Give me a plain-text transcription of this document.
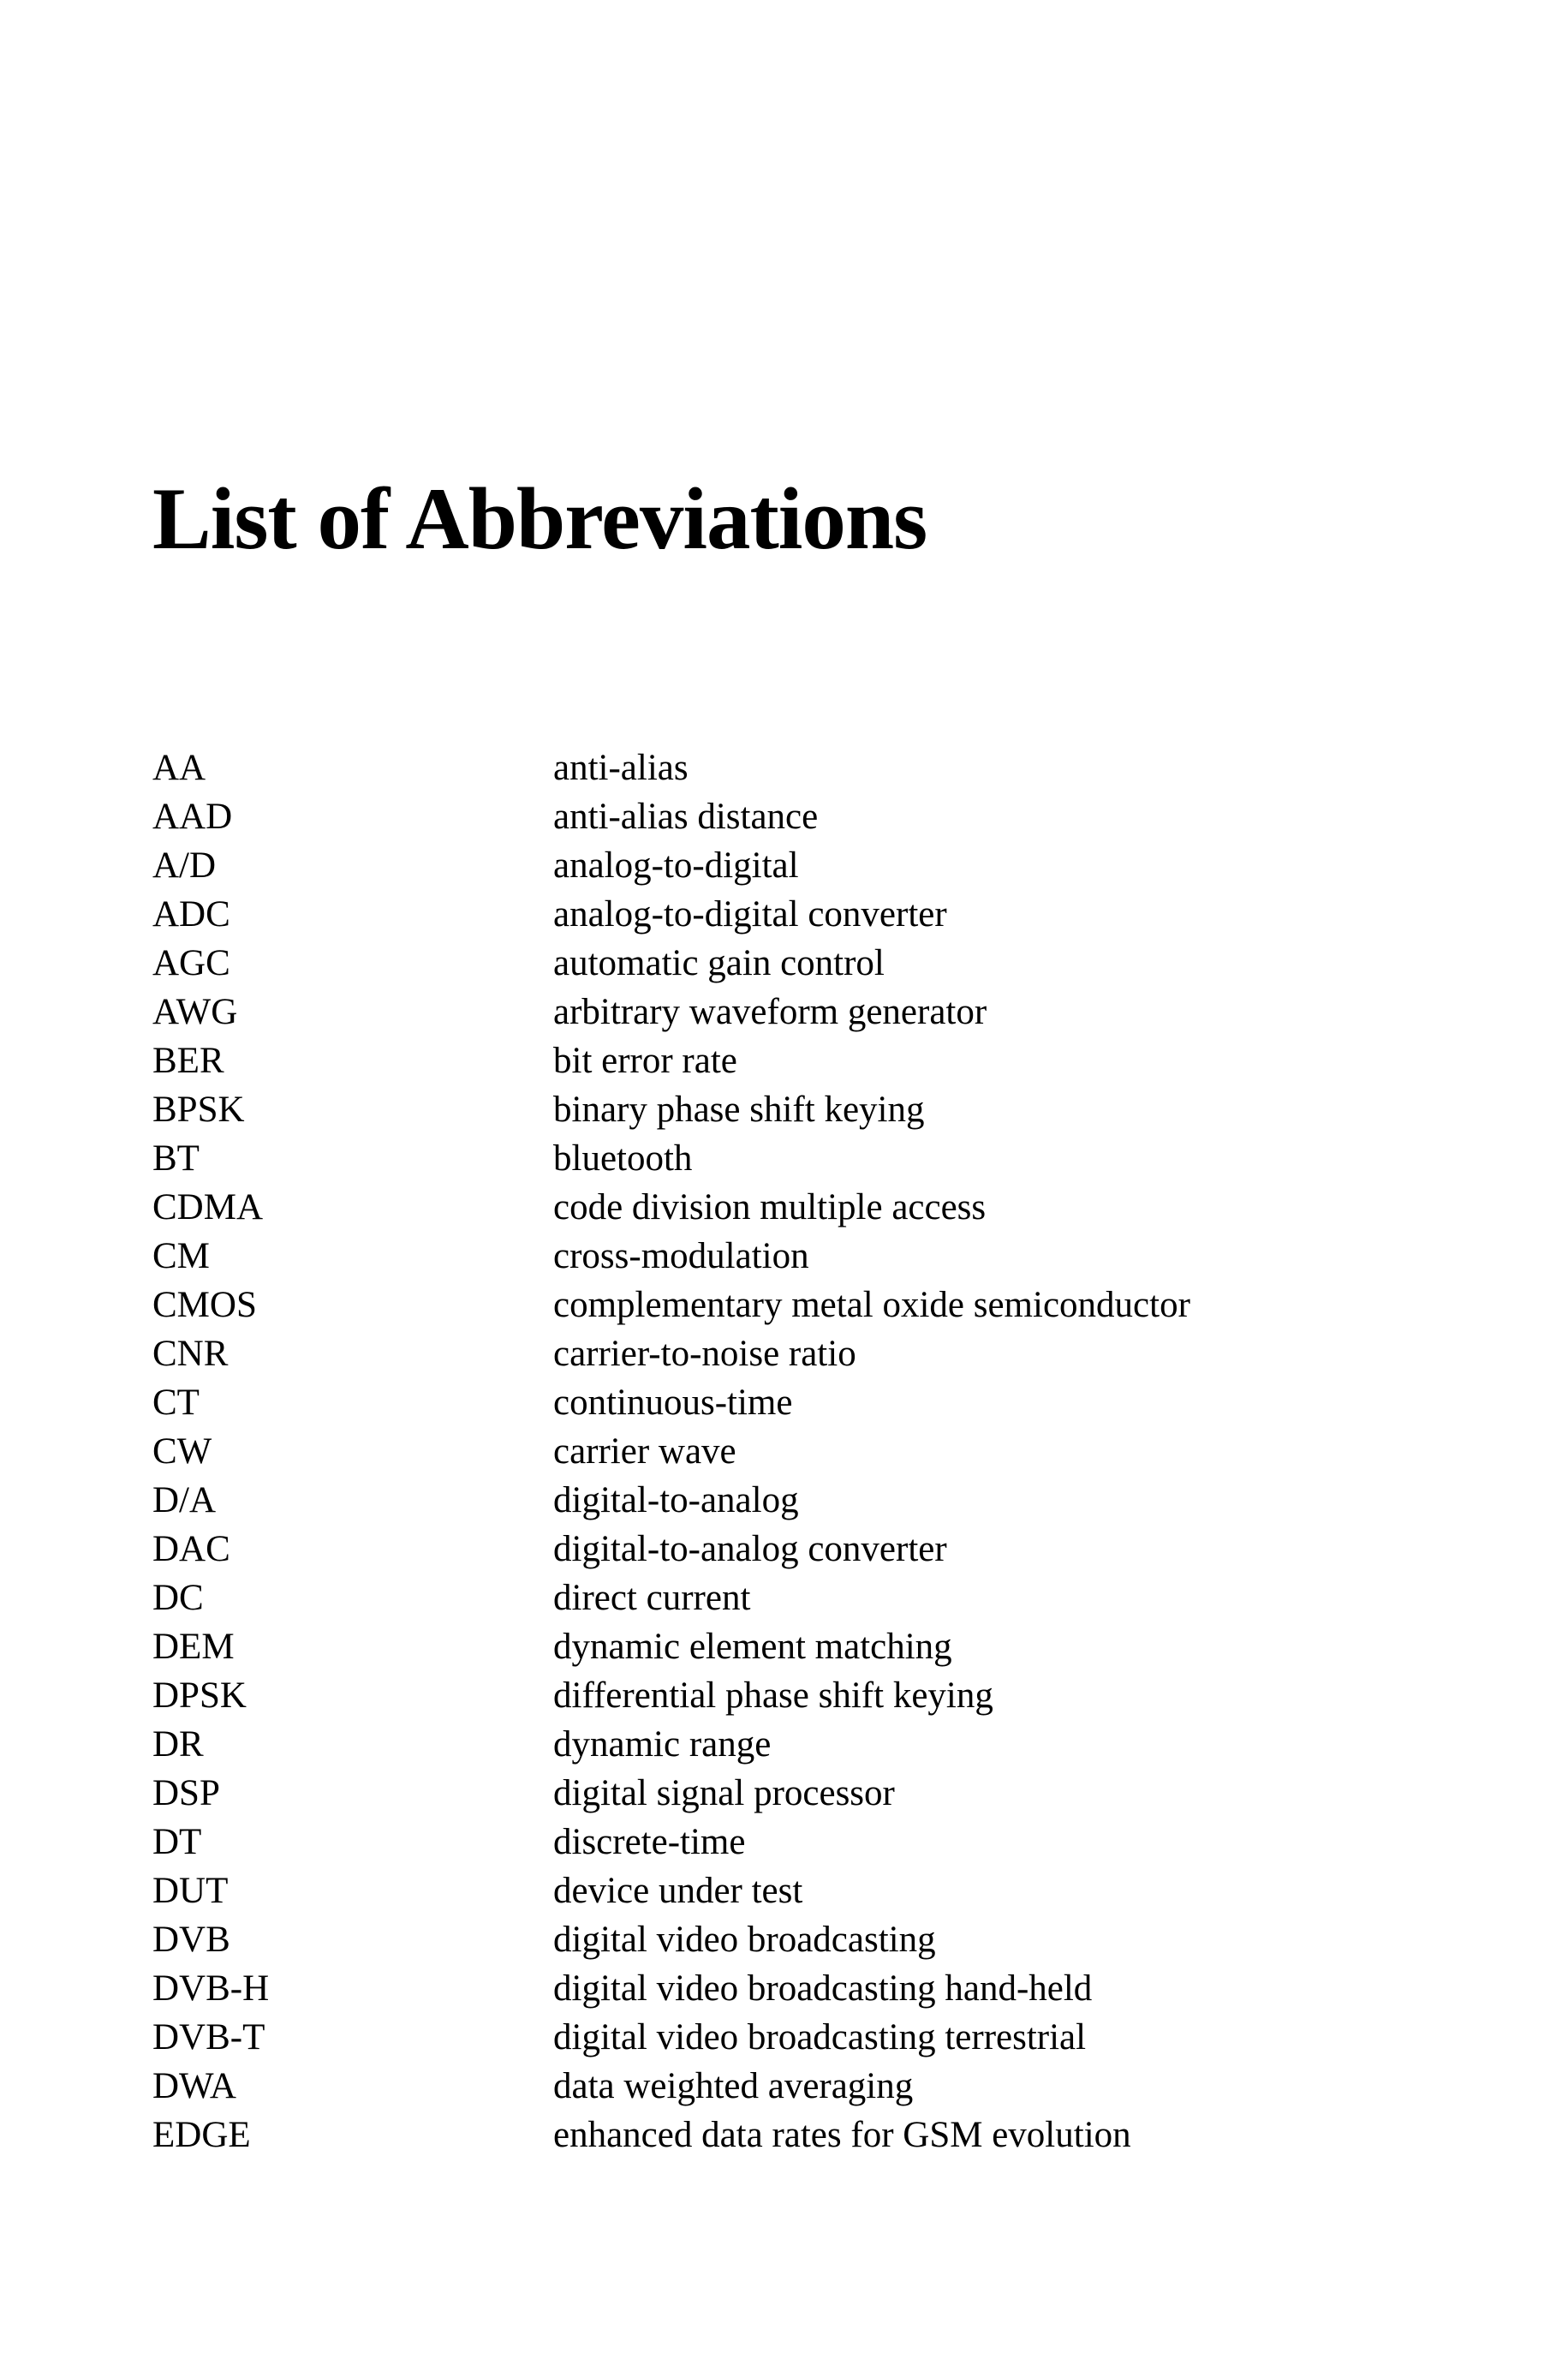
List of Abbreviations
AA	anti-alias
AAD	anti-alias distance
A/D	analog-to-digital
ADC	analog-to-digital converter
AGC	automatic gain control
AWG	arbitrary waveform generator
BER	bit error rate
BPSK	binary phase shift keying
BT	bluetooth
CDMA	code division multiple access
CM	cross-modulation
CMOS	complementary metal oxide semiconductor
CNR	carrier-to-noise ratio
CT	continuous-time
CW	carrier wave
D/A	digital-to-analog
DAC	digital-to-analog converter
DC	direct current
DEM	dynamic element matching
DPSK	differential phase shift keying
DR	dynamic range
DSP	digital signal processor
DT	discrete-time
DUT	device under test
DVB	digital video broadcasting
DVB-H	digital video broadcasting hand-held
DVB-T	digital video broadcasting terrestrial
DWA	data weighted averaging
EDGE	enhanced data rates for GSM evolution
